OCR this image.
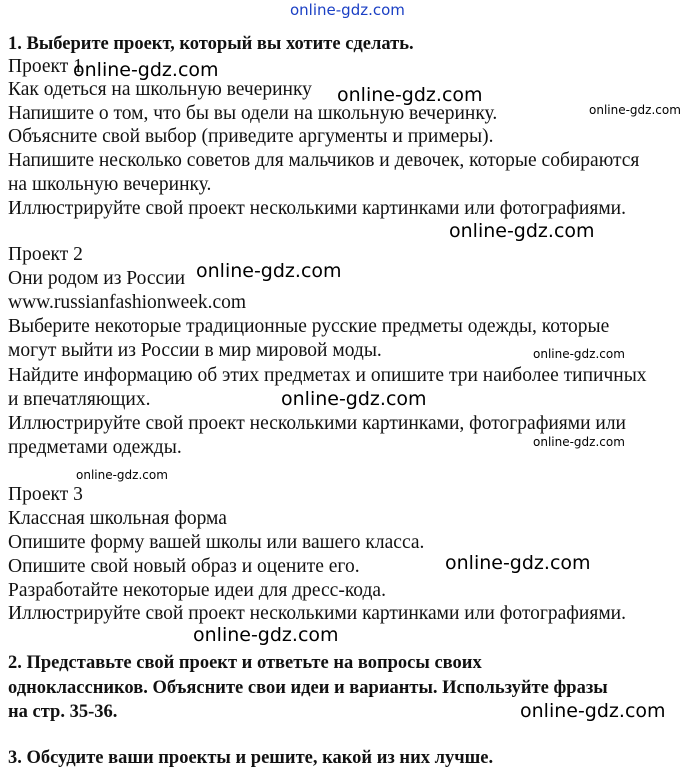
1. Выберите проект, который вы хотите сделать.
Проект 1
Как одеться на школьную вечеринку
Напишите о том, что бы вы одели на школьную вечеринку.
Объясните свой выбор (приведите аргументы и примеры).
Напишите несколько советов для мальчиков и девочек, которые собираются
на школьную вечеринку.
Иллюстрируйте свой проект несколькими картинками или фотографиями.
Проект 2
Они родом из России
www.russianfashionweek.com
Выберите некоторые традиционные русские предметы одежды, которые
могут выйти из России в мир мировой моды.
Найдите информацию об этих предметах и опишите три наиболее типичных
и впечатляющих.
Иллюстрируйте свой проект несколькими картинками, фотографиями или
предметами одежды.
Проект 3
Классная школьная форма
Опишите форму вашей школы или вашего класса.
Опишите свой новый образ и оцените его.
Разработайте некоторые идеи для дресс-кода.
Иллюстрируйте свой проект несколькими картинками или фотографиями.
2. Представьте свой проект и ответьте на вопросы своих
одноклассников. Объясните свои идеи и варианты. Используйте фразы
на стр. 35-36.
3. Обсудите ваши проекты и решите, какой из них лучше.
online-gdz.com
online-gdz.com
online-gdz.com
online-gdz.com
online-gdz.com
online-gdz.com
online-gdz.com
online-gdz.com
online-gdz.com
online-gdz.com
online-gdz.com
online-gdz.com
online-gdz.com
